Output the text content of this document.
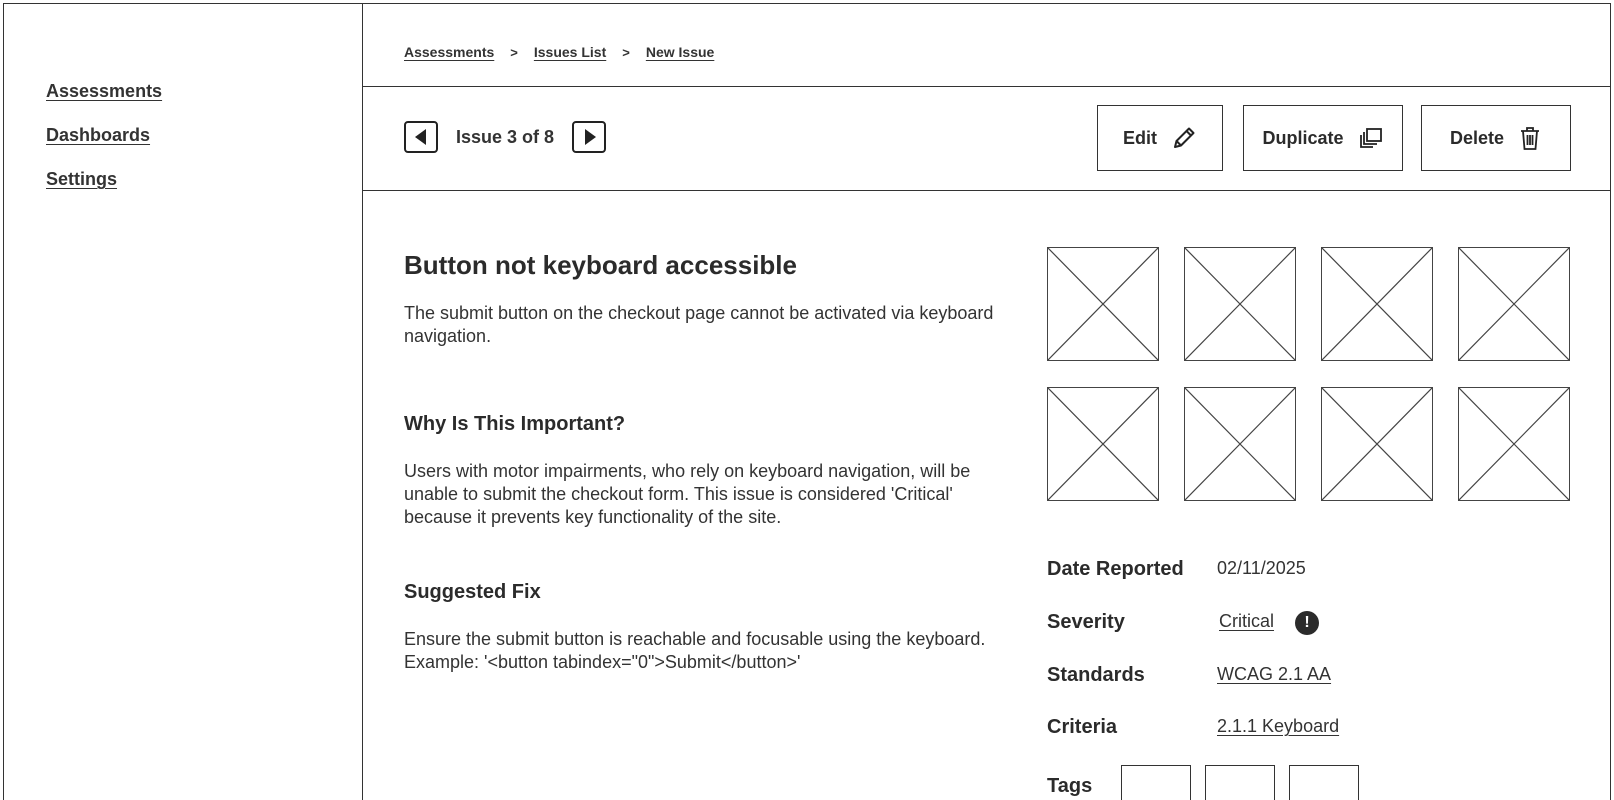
Assessments
Dashboards
Settings
Assessments > Issues List > New Issue
Issue 3 of 8	Edit	Duplicate	Delete
Button not keyboard accessible

The submit button on the checkout page cannot be activated via keyboard navigation.

Why Is This Important?

Users with motor impairments, who rely on keyboard navigation, will be unable to submit the checkout form. This issue is considered 'Critical' because it prevents key functionality of the site.

Suggested Fix

Ensure the submit button is reachable and focusable using the keyboard. Example: '<button tabindex="0">Submit</button>'

Date Reported 02/11/2025
Severity	Critical	!
Standards	WCAG 2.1 AA
Criteria	2.1.1 Keyboard
Tags
